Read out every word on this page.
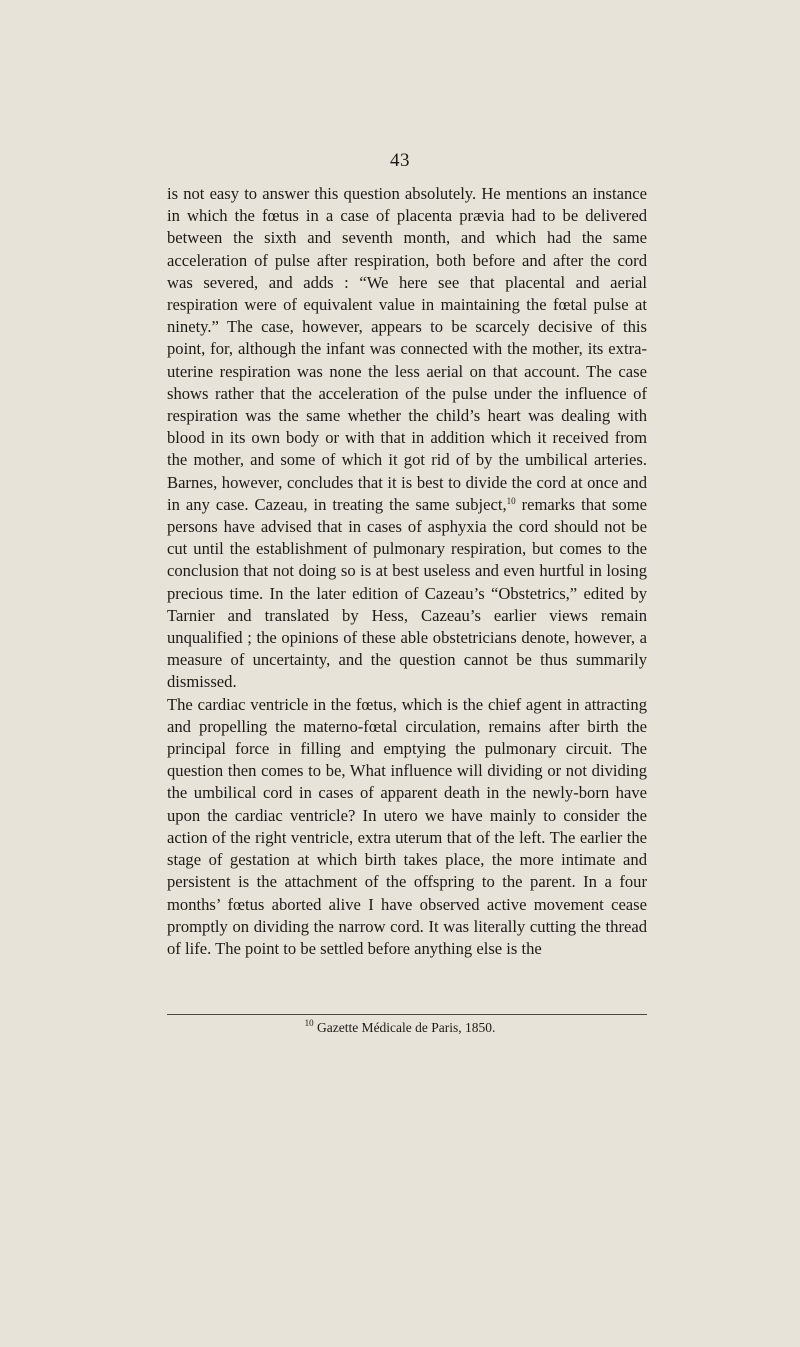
43

is not easy to answer this question absolutely. He mentions an instance in which the fœtus in a case of placenta prævia had to be delivered between the sixth and seventh month, and which had the same acceleration of pulse after respiration, both before and after the cord was severed, and adds : “We here see that placental and aerial respiration were of equivalent value in maintaining the fœtal pulse at ninety.” The case, however, appears to be scarcely decisive of this point, for, although the infant was connected with the mother, its extra-uterine respiration was none the less aerial on that account. The case shows rather that the acceleration of the pulse under the influence of respiration was the same whether the child’s heart was dealing with blood in its own body or with that in addition which it received from the mother, and some of which it got rid of by the umbilical arteries. Barnes, however, concludes that it is best to divide the cord at once and in any case. Cazeau, in treating the same subject,$^{10}$ remarks that some persons have advised that in cases of asphyxia the cord should not be cut until the establishment of pulmonary respiration, but comes to the conclusion that not doing so is at best useless and even hurtful in losing precious time. In the later edition of Cazeau’s “Obstetrics,” edited by Tarnier and translated by Hess, Cazeau’s earlier views remain unqualified ; the opinions of these able obstetricians denote, however, a measure of uncertainty, and the question cannot be thus summarily dismissed.

The cardiac ventricle in the fœtus, which is the chief agent in attracting and propelling the materno-fœtal circulation, remains after birth the principal force in filling and emptying the pulmonary circuit. The question then comes to be, What influence will dividing or not dividing the umbilical cord in cases of apparent death in the newly-born have upon the cardiac ventricle? In utero we have mainly to consider the action of the right ventricle, extra uterum that of the left. The earlier the stage of gestation at which birth takes place, the more intimate and persistent is the attachment of the offspring to the parent. In a four months’ fœtus aborted alive I have observed active movement cease promptly on dividing the narrow cord. It was literally cutting the thread of life. The point to be settled before anything else is the

$^{10}$ Gazette Médicale de Paris, 1850.
